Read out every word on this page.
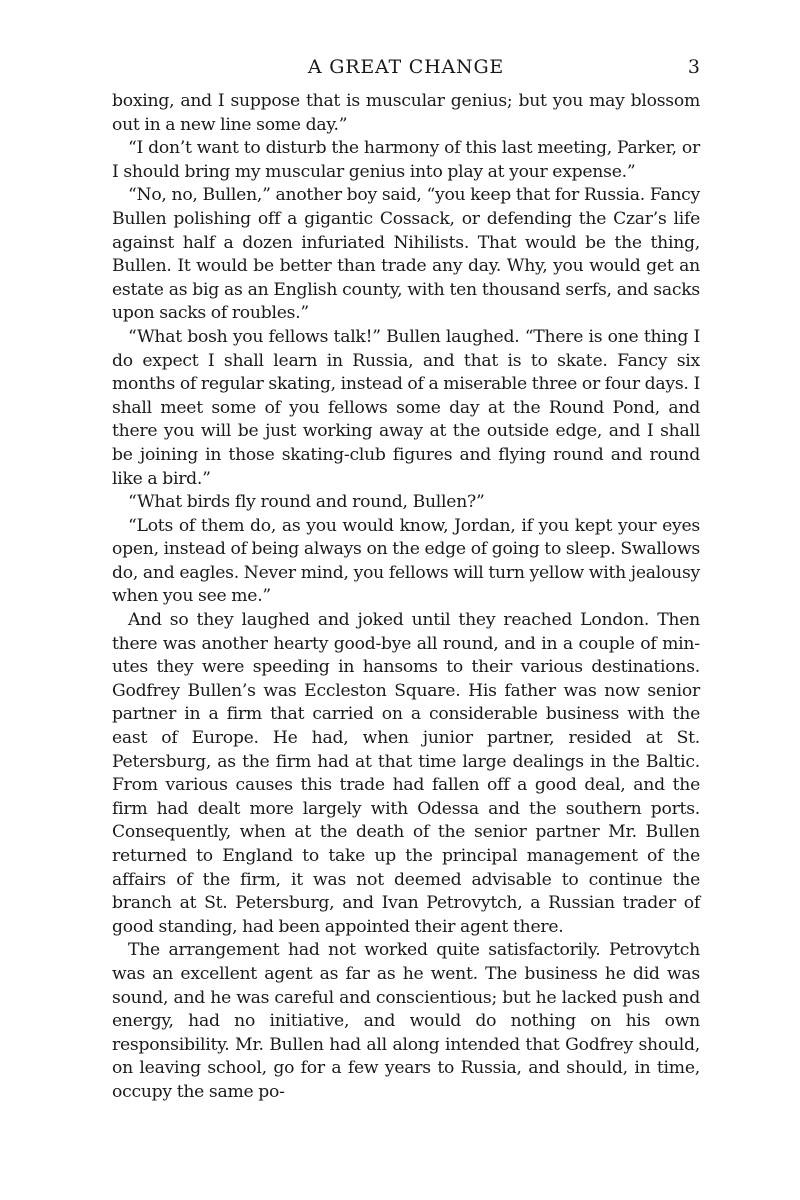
A GREAT CHANGE	3

boxing, and I suppose that is muscular genius; but you may blossom out in a new line some day.”

“I don’t want to disturb the harmony of this last meeting, Parker, or I should bring my muscular genius into play at your expense.”

“No, no, Bullen,” another boy said, “you keep that for Russia. Fancy Bullen polishing off a gigantic Cossack, or defending the Czar’s life against half a dozen infuriated Nihilists. That would be the thing, Bullen. It would be better than trade any day. Why, you would get an estate as big as an English county, with ten thousand serfs, and sacks upon sacks of roubles.”

“What bosh you fellows talk!” Bullen laughed. “There is one thing I do expect I shall learn in Russia, and that is to skate. Fancy six months of regular skating, instead of a miserable three or four days. I shall meet some of you fellows some day at the Round Pond, and there you will be just working away at the outside edge, and I shall be joining in those skating-club figures and flying round and round like a bird.”

“What birds fly round and round, Bullen?”

“Lots of them do, as you would know, Jordan, if you kept your eyes open, instead of being always on the edge of going to sleep. Swallows do, and eagles. Never mind, you fellows will turn yellow with jealousy when you see me.”

And so they laughed and joked until they reached London. Then there was another hearty good-bye all round, and in a couple of minutes they were speeding in hansoms to their various destinations. Godfrey Bullen’s was Eccleston Square. His father was now senior partner in a firm that carried on a considerable business with the east of Europe. He had, when junior partner, resided at St. Petersburg, as the firm had at that time large dealings in the Baltic. From various causes this trade had fallen off a good deal, and the firm had dealt more largely with Odessa and the southern ports. Consequently, when at the death of the senior partner Mr. Bullen returned to England to take up the principal management of the affairs of the firm, it was not deemed advisable to continue the branch at St. Petersburg, and Ivan Petrovytch, a Russian trader of good standing, had been appointed their agent there.

The arrangement had not worked quite satisfactorily. Petrovytch was an excellent agent as far as he went. The business he did was sound, and he was careful and conscientious; but he lacked push and energy, had no initiative, and would do nothing on his own responsibility. Mr. Bullen had all along intended that Godfrey should, on leaving school, go for a few years to Russia, and should, in time, occupy the same po-
